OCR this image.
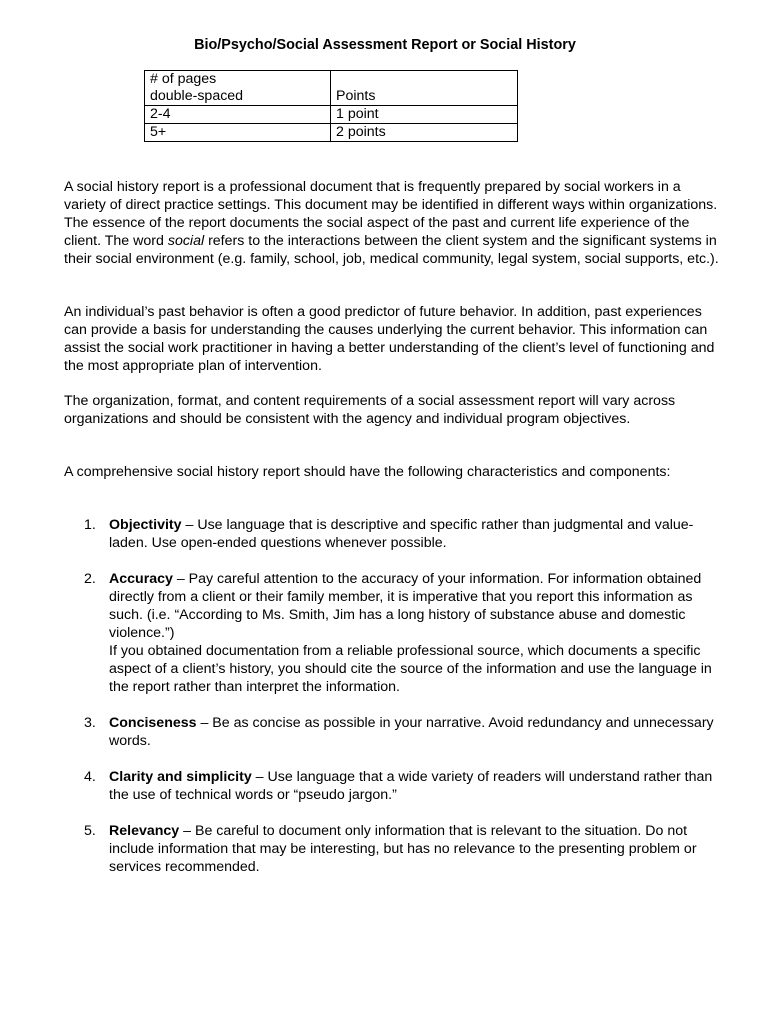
Bio/Psycho/Social Assessment Report or Social History
# of pages
double-spaced	Points
2-4	1 point
5+	2 points

A social history report is a professional document that is frequently prepared by social workers in a variety of direct practice settings. This document may be identified in different ways within organizations. The essence of the report documents the social aspect of the past and current life experience of the client. The word social refers to the interactions between the client system and the significant systems in their social environment (e.g. family, school, job, medical community, legal system, social supports, etc.).

An individual’s past behavior is often a good predictor of future behavior. In addition, past experiences can provide a basis for understanding the causes underlying the current behavior. This information can assist the social work practitioner in having a better understanding of the client’s level of functioning and the most appropriate plan of intervention.

The organization, format, and content requirements of a social assessment report will vary across organizations and should be consistent with the agency and individual program objectives.

A comprehensive social history report should have the following characteristics and components:

1. Objectivity – Use language that is descriptive and specific rather than judgmental and value-laden. Use open-ended questions whenever possible.
2. Accuracy – Pay careful attention to the accuracy of your information. For information obtained directly from a client or their family member, it is imperative that you report this information as such. (i.e. “According to Ms. Smith, Jim has a long history of substance abuse and domestic violence.”)
If you obtained documentation from a reliable professional source, which documents a specific aspect of a client’s history, you should cite the source of the information and use the language in the report rather than interpret the information.
3. Conciseness – Be as concise as possible in your narrative. Avoid redundancy and unnecessary words.
4. Clarity and simplicity – Use language that a wide variety of readers will understand rather than the use of technical words or “pseudo jargon.”
5. Relevancy – Be careful to document only information that is relevant to the situation. Do not include information that may be interesting, but has no relevance to the presenting problem or services recommended.
